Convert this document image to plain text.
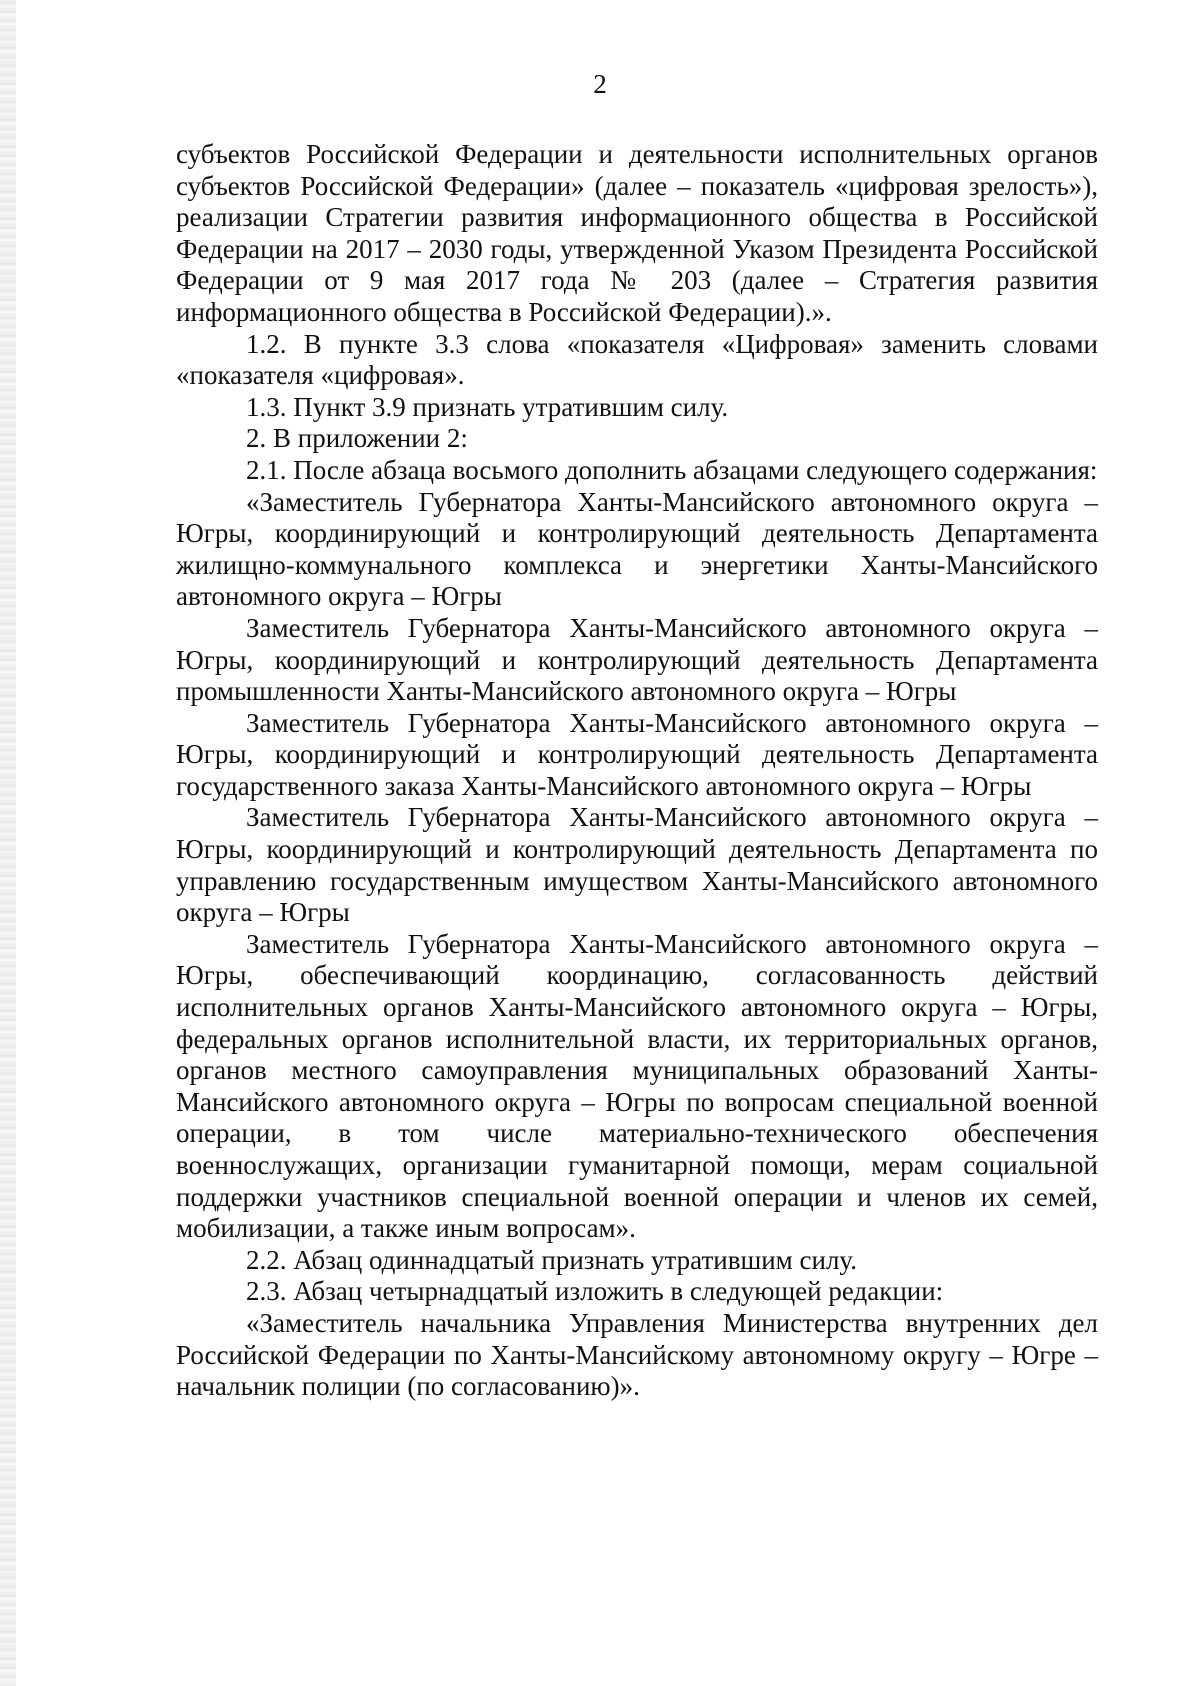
2

субъектов Российской Федерации и деятельности исполнительных органов субъектов Российской Федерации» (далее – показатель «цифровая зрелость»), реализации Стратегии развития информационного общества в Российской Федерации на 2017 – 2030 годы, утвержденной Указом Президента Российской Федерации от 9 мая 2017 года № 203 (далее – Стратегия развития информационного общества в Российской Федерации).».

1.2. В пункте 3.3 слова «показателя «Цифровая» заменить словами «показателя «цифровая».

1.3. Пункт 3.9 признать утратившим силу.

2. В приложении 2:

2.1. После абзаца восьмого дополнить абзацами следующего содержания:

«Заместитель Губернатора Ханты-Мансийского автономного округа – Югры, координирующий и контролирующий деятельность Департамента жилищно-коммунального комплекса и энергетики Ханты-Мансийского автономного округа – Югры

Заместитель Губернатора Ханты-Мансийского автономного округа – Югры, координирующий и контролирующий деятельность Департамента промышленности Ханты-Мансийского автономного округа – Югры

Заместитель Губернатора Ханты-Мансийского автономного округа – Югры, координирующий и контролирующий деятельность Департамента государственного заказа Ханты-Мансийского автономного округа – Югры

Заместитель Губернатора Ханты-Мансийского автономного округа – Югры, координирующий и контролирующий деятельность Департамента по управлению государственным имуществом Ханты-Мансийского автономного округа – Югры

Заместитель Губернатора Ханты-Мансийского автономного округа – Югры, обеспечивающий координацию, согласованность действий исполнительных органов Ханты-Мансийского автономного округа – Югры, федеральных органов исполнительной власти, их территориальных органов, органов местного самоуправления муниципальных образований Ханты-Мансийского автономного округа – Югры по вопросам специальной военной операции, в том числе материально-технического обеспечения военнослужащих, организации гуманитарной помощи, мерам социальной поддержки участников специальной военной операции и членов их семей, мобилизации, а также иным вопросам».

2.2. Абзац одиннадцатый признать утратившим силу.

2.3. Абзац четырнадцатый изложить в следующей редакции:

«Заместитель начальника Управления Министерства внутренних дел Российской Федерации по Ханты-Мансийскому автономному округу – Югре – начальник полиции (по согласованию)».
